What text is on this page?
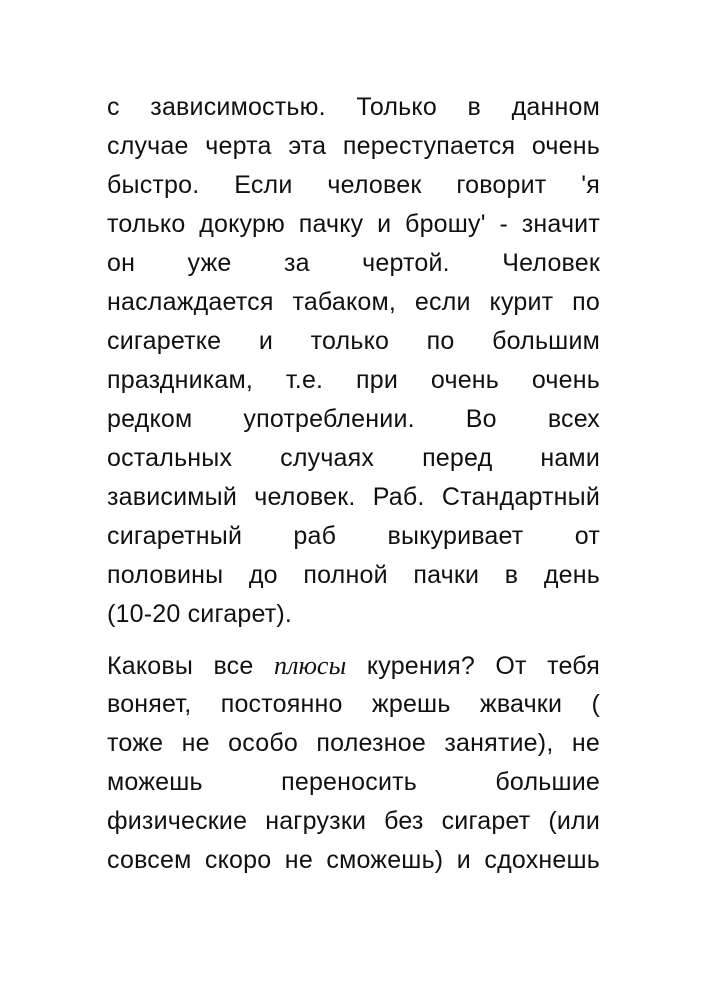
с зависимостью. Только в данном
случае черта эта переступается очень
быстро. Если человек говорит 'я
только докурю пачку и брошу' - значит
он уже за чертой. Человек
наслаждается табаком, если курит по
сигаретке и только по большим
праздникам, т.е. при очень очень
редком употреблении. Во всех
остальных случаях перед нами
зависимый человек. Раб. Стандартный
сигаретный раб выкуривает от
половины до полной пачки в день
(10-20 сигарет).

Каковы все плюсы курения? От тебя
воняет, постоянно жрешь жвачки (
тоже не особо полезное занятие), не
можешь переносить большие
физические нагрузки без сигарет (или
совсем скоро не сможешь) и сдохнешь
